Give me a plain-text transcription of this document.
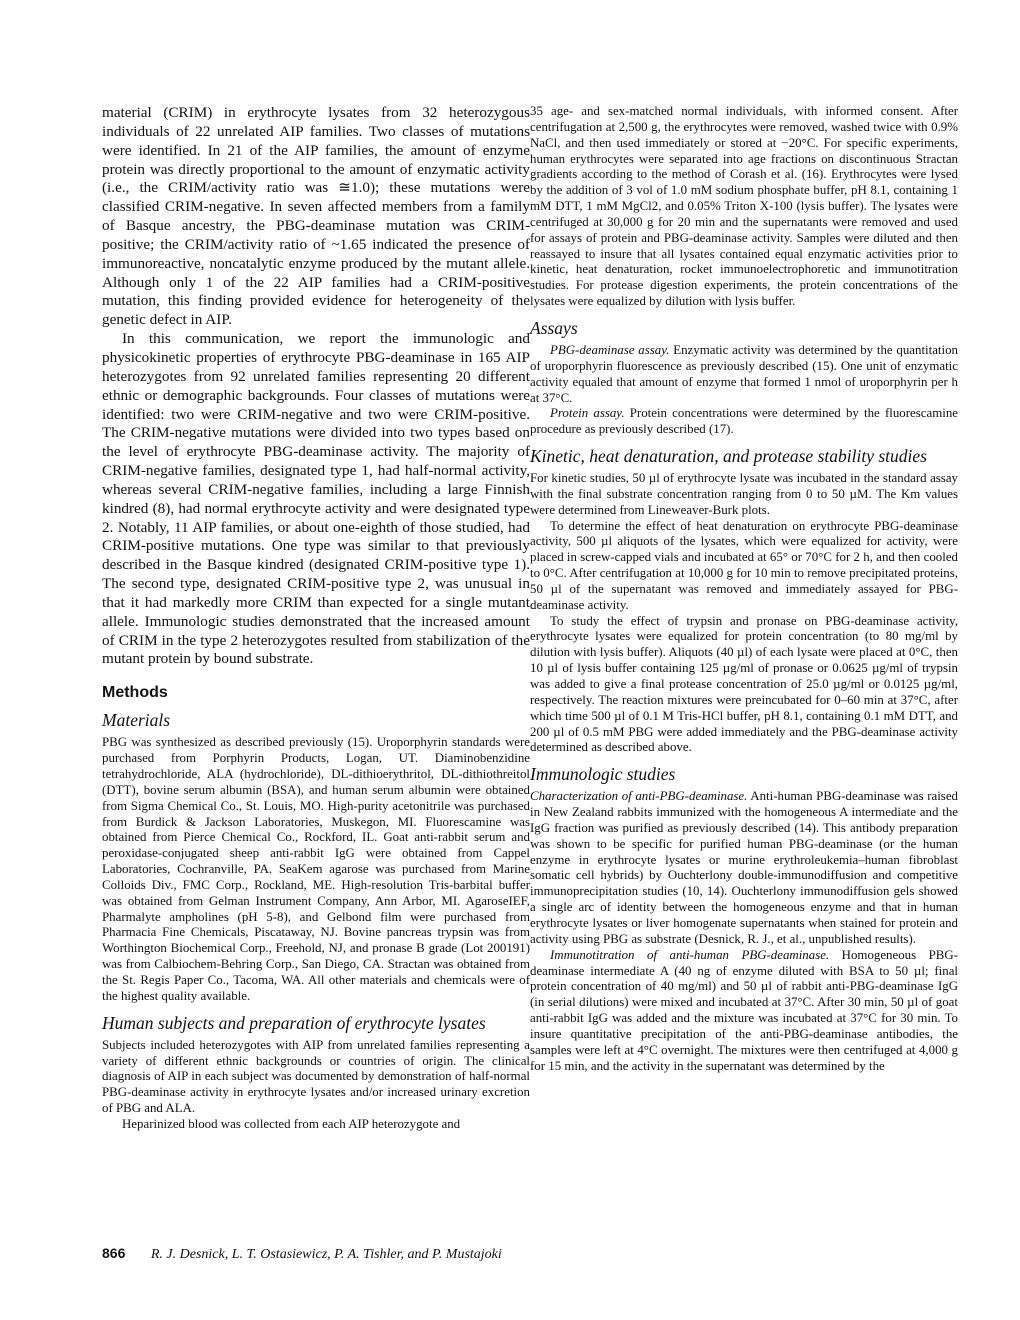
material (CRIM) in erythrocyte lysates from 32 heterozygous individuals of 22 unrelated AIP families. Two classes of mutations were identified. In 21 of the AIP families, the amount of enzyme protein was directly proportional to the amount of enzymatic activity (i.e., the CRIM/activity ratio was ≅1.0); these mutations were classified CRIM-negative. In seven affected members from a family of Basque ancestry, the PBG-deaminase mutation was CRIM-positive; the CRIM/activity ratio of ~1.65 indicated the presence of immunoreactive, noncatalytic enzyme produced by the mutant allele. Although only 1 of the 22 AIP families had a CRIM-positive mutation, this finding provided evidence for heterogeneity of the genetic defect in AIP.

In this communication, we report the immunologic and physicokinetic properties of erythrocyte PBG-deaminase in 165 AIP heterozygotes from 92 unrelated families representing 20 different ethnic or demographic backgrounds. Four classes of mutations were identified: two were CRIM-negative and two were CRIM-positive. The CRIM-negative mutations were divided into two types based on the level of erythrocyte PBG-deaminase activity. The majority of CRIM-negative families, designated type 1, had half-normal activity, whereas several CRIM-negative families, including a large Finnish kindred (8), had normal erythrocyte activity and were designated type 2. Notably, 11 AIP families, or about one-eighth of those studied, had CRIM-positive mutations. One type was similar to that previously described in the Basque kindred (designated CRIM-positive type 1). The second type, designated CRIM-positive type 2, was unusual in that it had markedly more CRIM than expected for a single mutant allele. Immunologic studies demonstrated that the increased amount of CRIM in the type 2 heterozygotes resulted from stabilization of the mutant protein by bound substrate.

Methods
Materials

PBG was synthesized as described previously (15). Uroporphyrin standards were purchased from Porphyrin Products, Logan, UT. Diaminobenzidine tetrahydrochloride, ALA (hydrochloride), DL-dithioerythritol, DL-dithiothreitol (DTT), bovine serum albumin (BSA), and human serum albumin were obtained from Sigma Chemical Co., St. Louis, MO. High-purity acetonitrile was purchased from Burdick & Jackson Laboratories, Muskegon, MI. Fluorescamine was obtained from Pierce Chemical Co., Rockford, IL. Goat anti-rabbit serum and peroxidase-conjugated sheep anti-rabbit IgG were obtained from Cappel Laboratories, Cochranville, PA. SeaKem agarose was purchased from Marine Colloids Div., FMC Corp., Rockland, ME. High-resolution Tris-barbital buffer was obtained from Gelman Instrument Company, Ann Arbor, MI. AgaroseIEF, Pharmalyte ampholines (pH 5-8), and Gelbond film were purchased from Pharmacia Fine Chemicals, Piscataway, NJ. Bovine pancreas trypsin was from Worthington Biochemical Corp., Freehold, NJ, and pronase B grade (Lot 200191) was from Calbiochem-Behring Corp., San Diego, CA. Stractan was obtained from the St. Regis Paper Co., Tacoma, WA. All other materials and chemicals were of the highest quality available.

Human subjects and preparation of erythrocyte lysates

Subjects included heterozygotes with AIP from unrelated families representing a variety of different ethnic backgrounds or countries of origin. The clinical diagnosis of AIP in each subject was documented by demonstration of half-normal PBG-deaminase activity in erythrocyte lysates and/or increased urinary excretion of PBG and ALA.

Heparinized blood was collected from each AIP heterozygote and

35 age- and sex-matched normal individuals, with informed consent. After centrifugation at 2,500 g, the erythrocytes were removed, washed twice with 0.9% NaCl, and then used immediately or stored at −20°C. For specific experiments, human erythrocytes were separated into age fractions on discontinuous Stractan gradients according to the method of Corash et al. (16). Erythrocytes were lysed by the addition of 3 vol of 1.0 mM sodium phosphate buffer, pH 8.1, containing 1 mM DTT, 1 mM MgCl2, and 0.05% Triton X-100 (lysis buffer). The lysates were centrifuged at 30,000 g for 20 min and the supernatants were removed and used for assays of protein and PBG-deaminase activity. Samples were diluted and then reassayed to insure that all lysates contained equal enzymatic activities prior to kinetic, heat denaturation, rocket immunoelectrophoretic and immunotitration studies. For protease digestion experiments, the protein concentrations of the lysates were equalized by dilution with lysis buffer.

Assays

PBG-deaminase assay. Enzymatic activity was determined by the quantitation of uroporphyrin fluorescence as previously described (15). One unit of enzymatic activity equaled that amount of enzyme that formed 1 nmol of uroporphyrin per h at 37°C.

Protein assay. Protein concentrations were determined by the fluorescamine procedure as previously described (17).

Kinetic, heat denaturation, and protease stability studies

For kinetic studies, 50 µl of erythrocyte lysate was incubated in the standard assay with the final substrate concentration ranging from 0 to 50 µM. The Km values were determined from Lineweaver-Burk plots.

To determine the effect of heat denaturation on erythrocyte PBG-deaminase activity, 500 µl aliquots of the lysates, which were equalized for activity, were placed in screw-capped vials and incubated at 65° or 70°C for 2 h, and then cooled to 0°C. After centrifugation at 10,000 g for 10 min to remove precipitated proteins, 50 µl of the supernatant was removed and immediately assayed for PBG-deaminase activity.

To study the effect of trypsin and pronase on PBG-deaminase activity, erythrocyte lysates were equalized for protein concentration (to 80 mg/ml by dilution with lysis buffer). Aliquots (40 µl) of each lysate were placed at 0°C, then 10 µl of lysis buffer containing 125 µg/ml of pronase or 0.0625 µg/ml of trypsin was added to give a final protease concentration of 25.0 µg/ml or 0.0125 µg/ml, respectively. The reaction mixtures were preincubated for 0–60 min at 37°C, after which time 500 µl of 0.1 M Tris-HCl buffer, pH 8.1, containing 0.1 mM DTT, and 200 µl of 0.5 mM PBG were added immediately and the PBG-deaminase activity determined as described above.

Immunologic studies

Characterization of anti-PBG-deaminase. Anti-human PBG-deaminase was raised in New Zealand rabbits immunized with the homogeneous A intermediate and the IgG fraction was purified as previously described (14). This antibody preparation was shown to be specific for purified human PBG-deaminase (or the human enzyme in erythrocyte lysates or murine erythroleukemia–human fibroblast somatic cell hybrids) by Ouchterlony double-immunodiffusion and competitive immunoprecipitation studies (10, 14). Ouchterlony immunodiffusion gels showed a single arc of identity between the homogeneous enzyme and that in human erythrocyte lysates or liver homogenate supernatants when stained for protein and activity using PBG as substrate (Desnick, R. J., et al., unpublished results).

Immunotitration of anti-human PBG-deaminase. Homogeneous PBG-deaminase intermediate A (40 ng of enzyme diluted with BSA to 50 µl; final protein concentration of 40 mg/ml) and 50 µl of rabbit anti-PBG-deaminase IgG (in serial dilutions) were mixed and incubated at 37°C. After 30 min, 50 µl of goat anti-rabbit IgG was added and the mixture was incubated at 37°C for 30 min. To insure quantitative precipitation of the anti-PBG-deaminase antibodies, the samples were left at 4°C overnight. The mixtures were then centrifuged at 4,000 g for 15 min, and the activity in the supernatant was determined by the

866 R. J. Desnick, L. T. Ostasiewicz, P. A. Tishler, and P. Mustajoki
